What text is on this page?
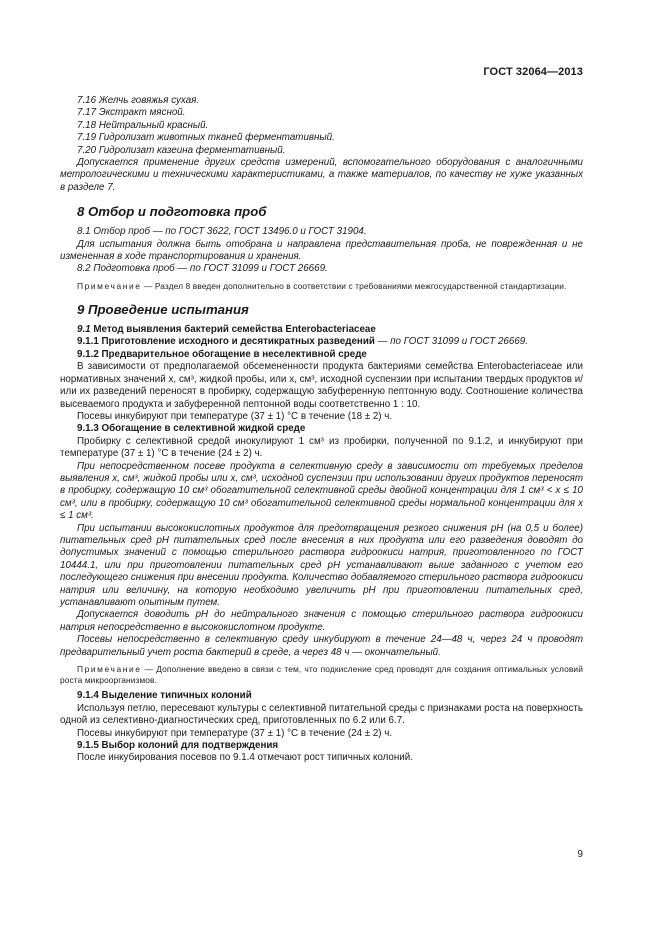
ГОСТ 32064—2013

7.16 Желчь говяжья сухая.

7.17 Экстракт мясной.

7.18 Нейтральный красный.

7.19 Гидролизат животных тканей ферментативный.

7.20 Гидролизат казеина ферментативный.

Допускается применение других средств измерений, вспомогательного оборудования с аналогичными метрологическими и техническими характеристиками, а также материалов, по качеству не хуже указанных в разделе 7.

8 Отбор и подготовка проб

8.1 Отбор проб — по ГОСТ 3622, ГОСТ 13496.0 и ГОСТ 31904.

Для испытания должна быть отобрана и направлена представительная проба, не поврежденная и не измененная в ходе транспортирования и хранения.

8.2 Подготовка проб — по ГОСТ 31099 и ГОСТ 26669.

Примечание — Раздел 8 введен дополнительно в соответствии с требованиями межгосударственной стандартизации.

9 Проведение испытания

9.1 Метод выявления бактерий семейства Enterobacteriaceae

9.1.1 Приготовление исходного и десятикратных разведений — по ГОСТ 31099 и ГОСТ 26669.

9.1.2 Предварительное обогащение в неселективной среде

В зависимости от предполагаемой обсемененности продукта бактериями семейства Enterobacteriaceae или нормативных значений x, см³, жидкой пробы, или x, см³, исходной суспензии при испытании твердых продуктов и/или их разведений переносят в пробирку, содержащую забуференную пептонную воду. Соотношение количества высеваемого продукта и забуференной пептонной воды соответственно 1 : 10.

Посевы инкубируют при температуре (37 ± 1) °С в течение (18 ± 2) ч.

9.1.3 Обогащение в селективной жидкой среде

Пробирку с селективной средой инокулируют 1 см³ из пробирки, полученной по 9.1.2, и инкубируют при температуре (37 ± 1) °С в течение (24 ± 2) ч.

При непосредственном посеве продукта в селективную среду в зависимости от требуемых пределов выявления x, см³, жидкой пробы или x, см³, исходной суспензии при использовании других продуктов переносят в пробирку, содержащую 10 см³ обогатительной селективной среды двойной концентрации для 1 см³ < x ≤ 10 см³, или в пробирку, содержащую 10 см³ обогатительной селективной среды нормальной концентрации для x ≤ 1 см³.

При испытании высококислотных продуктов для предотвращения резкого снижения pH (на 0,5 и более) питательных сред pH питательных сред после внесения в них продукта или его разведения доводят до допустимых значений с помощью стерильного раствора гидроокиси натрия, приготовленного по ГОСТ 10444.1, или при приготовлении питательных сред pH устанавливают выше заданного с учетом его последующего снижения при внесении продукта. Количество добавляемого стерильного раствора гидроокиси натрия или величину, на которую необходимо увеличить pH при приготовлении питательных сред, устанавливают опытным путем.

Допускается доводить pH до нейтрального значения с помощью стерильного раствора гидроокиси натрия непосредственно в высококислотном продукте.

Посевы непосредственно в селективную среду инкубируют в течение 24—48 ч, через 24 ч проводят предварительный учет роста бактерий в среде, а через 48 ч — окончательный.

Примечание — Дополнение введено в связи с тем, что подкисление сред проводят для создания оптимальных условий роста микроорганизмов.

9.1.4 Выделение типичных колоний

Используя петлю, пересевают культуры с селективной питательной среды с признаками роста на поверхность одной из селективно-диагностических сред, приготовленных по 6.2 или 6.7.

Посевы инкубируют при температуре (37 ± 1) °С в течение (24 ± 2) ч.

9.1.5 Выбор колоний для подтверждения

После инкубирования посевов по 9.1.4 отмечают рост типичных колоний.

9
